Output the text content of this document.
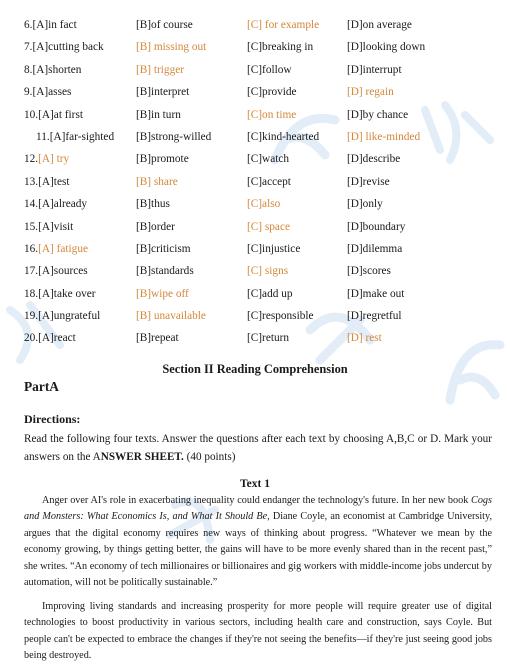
6.[A]in fact	[B]of course	[C] for example [D]on average
7.[A]cutting back	[B] missing out	[C]breaking in	[D]looking down
8.[A]shorten	[B] trigger	[C]follow	[D]interrupt
9.[A]asses	[B]interpret	[C]provide	[D] regain
10.[A]at first	[B]in turn	[C]on time	[D]by chance
11.[A]far-sighted [B]strong-willed	[C]kind-hearted [D] like-minded
12.[A] try	[B]promote	[C]watch	[D]describe
13.[A]test	[B] share	[C]accept	[D]revise
14.[A]already	[B]thus	[C]also	[D]only
15.[A]visit	[B]order	[C] space	[D]boundary
16.[A] fatigue	[B]criticism	[C]injustice	[D]dilemma
17.[A]sources	[B]standards	[C] signs	[D]scores
18.[A]take over	[B]wipe off	[C]add up	[D]make out
19.[A]ungrateful	[B] unavailable	[C]responsible	[D]regretful
20.[A]react	[B]repeat	[C]return	[D] rest
Section II Reading Comprehension
PartA
Directions:
Read the following four texts. Answer the questions after each text by choosing A,B,C or D. Mark your answers on the ANSWER SHEET. (40 points)
Text 1
Anger over AI's role in exacerbating inequality could endanger the technology's future. In her new book Cogs and Monsters: What Economics Is, and What It Should Be, Diane Coyle, an economist at Cambridge University, argues that the digital economy requires new ways of thinking about progress. “Whatever we mean by the economy growing, by things getting better, the gains will have to be more evenly shared than in the recent past,” she writes. “An economy of tech millionaires or billionaires and gig workers with middle-income jobs undercut by automation, will not be politically sustainable.”
Improving living standards and increasing prosperity for more people will require greater use of digital technologies to boost productivity in various sectors, including health care and construction, says Coyle. But people can't be expected to embrace the changes if they're not seeing the benefits—if they're just seeing good jobs being destroyed.
